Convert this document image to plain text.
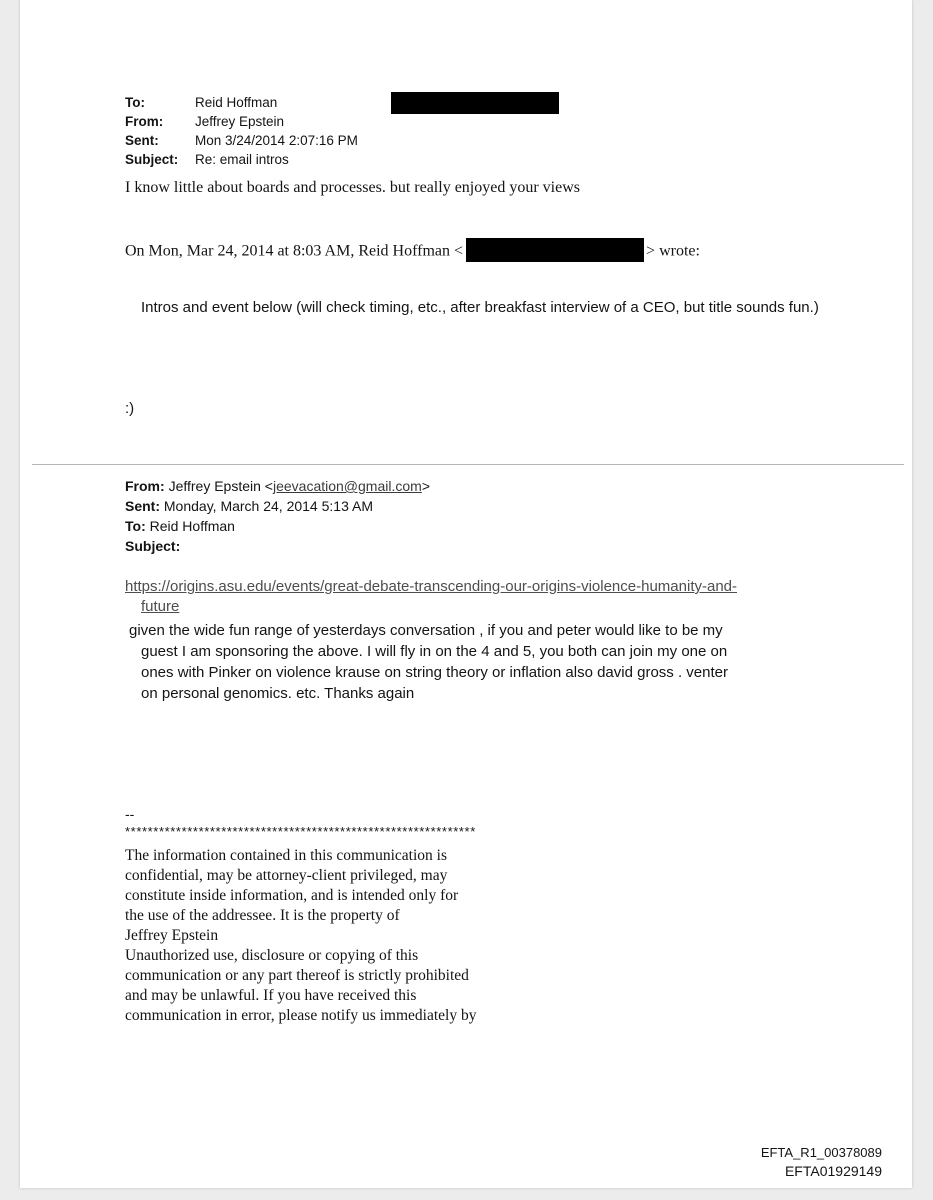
To:	Reid Hoffman
From: Jeffrey Epstein
Sent:	Mon 3/24/2014 2:07:16 PM
Subject: Re: email intros
I know little about boards and processes. but really enjoyed your views
On Mon, Mar 24, 2014 at 8:03 AM, Reid Hoffman <	> wrote:
Intros and event below (will check timing, etc., after breakfast interview of a CEO, but title sounds fun.)
:)
From: Jeffrey Epstein <jeevacation@gmail.com>
Sent: Monday, March 24, 2014 5:13 AM
To: Reid Hoffman
Subject:
https://origins.asu.edu/events/great-debate-transcending-our-origins-violence-humanity-and-
future
given the wide fun range of yesterdays conversation , if you and peter would like to be my
guest I am sponsoring the above. I will fly in on the 4 and 5, you both can join my one on
ones with Pinker on violence krause on string theory or inflation also david gross . venter
on personal genomics. etc. Thanks again
--
**************************************************************
The information contained in this communication is
confidential, may be attorney-client privileged, may
constitute inside information, and is intended only for
the use of the addressee. It is the property of
Jeffrey Epstein
Unauthorized use, disclosure or copying of this
communication or any part thereof is strictly prohibited
and may be unlawful. If you have received this
communication in error, please notify us immediately by
EFTA_R1_00378089
EFTA01929149
